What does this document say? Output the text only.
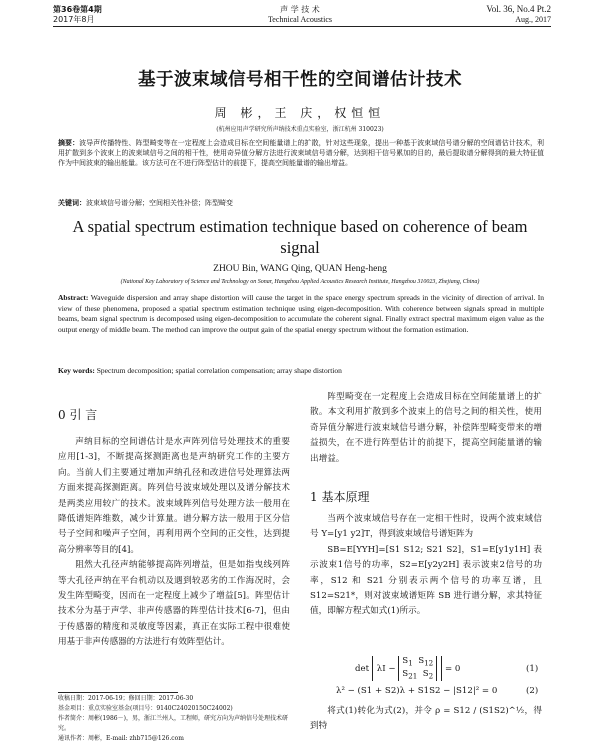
第36卷第4期
2017年8月
声 学 技 术
Technical Acoustics
Vol. 36, No.4 Pt.2
Aug., 2017
基于波束域信号相干性的空间谱估计技术
周 彬，王 庆，权恒恒
(杭州应用声学研究所声纳技术重点实验室，浙江杭州 310023)
摘要：波导声传播特性、阵型畸变等在一定程度上会造成目标在空间能量谱上的扩散，针对这些现象，提出一种基于波束域信号谱分解的空间谱估计技术，利用扩散到多个波束上的波束域信号之间的相干性，使用奇异值分解方法进行波束域信号谱分解，达到相干信号累加的目的，最后提取谱分解得到的最大特征值作为中间波束的输出能量。该方法可在不进行阵型估计的前提下，提高空间能量谱的输出增益。
关键词：波束域信号谱分解；空间相关性补偿；阵型畸变
A spatial spectrum estimation technique based on coherence of beam signal
ZHOU Bin, WANG Qing, QUAN Heng-heng
(National Key Laboratory of Science and Technology on Sonar, Hangzhou Applied Acoustics Research Institute, Hangzhou 310023, Zhejiang, China)
Abstract: Waveguide dispersion and array shape distortion will cause the target in the space energy spectrum spreads in the vicinity of direction of arrival. In view of these phenomena, proposed a spatial spectrum estimation technique using eigen-decomposition. With coherence between signals spread in multiple beams, beam signal spectrum is decomposed using eigen-decomposition to accumulate the coherent signal. Finally extract spectral maximum eigen value as the output energy of middle beam. The method can improve the output gain of the spatial energy spectrum without the formation estimation.
Key words: Spectrum decomposition; spatial correlation compensation; array shape distortion
0 引 言

声纳目标的空间谱估计是水声阵列信号处理技术的重要应用[1-3]，不断提高探测距离也是声纳研究工作的主要方向。当前人们主要通过增加声纳孔径和改进信号处理算法两方面来提高探测距离。阵列信号波束域处理以及谱分解技术是两类应用较广的技术。波束域阵列信号处理方法一般用在降低谱矩阵维数，减少计算量。谱分解方法一般用于区分信号子空间和噪声子空间，再利用两个空间的正交性，达到提高分辨率等目的[4]。

阻然大孔径声纳能够提高阵列增益，但是如指曳线列阵等大孔径声纳在平台机动以及遇到较恶劣的工作海况时，会发生阵型畸变，因而在一定程度上减少了增益[5]。阵型估计技术分为基于声学、非声传感器的阵型估计技术[6-7]，但由于传感器的精度和灵敏度等因素，真正在实际工程中很难使用基于非声传感器的方法进行有效阵型估计。

收稿日期：2017-06-19；修回日期：2017-06-30
基金项目：重点实验室基金(项目号：9140C24020150C24002)
作者简介：周彬(1986－)，男，浙江兰州人，工程师，研究方向为声纳信号处理技术研究。
通讯作者：周彬，E-mail: zhb715@126.com

阵型畸变在一定程度上会造成目标在空间能量谱上的扩散。本文利用扩散到多个波束上的信号之间的相关性，使用奇异值分解进行波束域信号谱分解，补偿阵型畸变带来的增益损失，在不进行阵型估计的前提下，提高空间能量谱的输出增益。

1 基本原理

当两个波束域信号存在一定相干性时，设两个波束域信号 Y=[y1 y2]T，得到波束域信号谱矩阵为

SB=E[YYH]=[S1 S12; S21 S2]，S1=E[y1y1H] 表示波束1信号的功率，S2=E[y2y2H] 表示波束2信号的功率，S12 和 S21 分别表示两个信号的功率互谱，且 S12=S21*，则对波束域谱矩阵 SB 进行谱分解，求其特征值，即解方程式如式(1)所示。

$\det \lambda I - S_1$  $S_{12}$
$S_{21}$  $S_2 = 0$	(1)
λ² − (S1 + S2)λ + S1S2 − |S12|² = 0	(2)

将式(1)转化为式(2)，并令 ρ = S12 / (S1S2)^½，得到特
